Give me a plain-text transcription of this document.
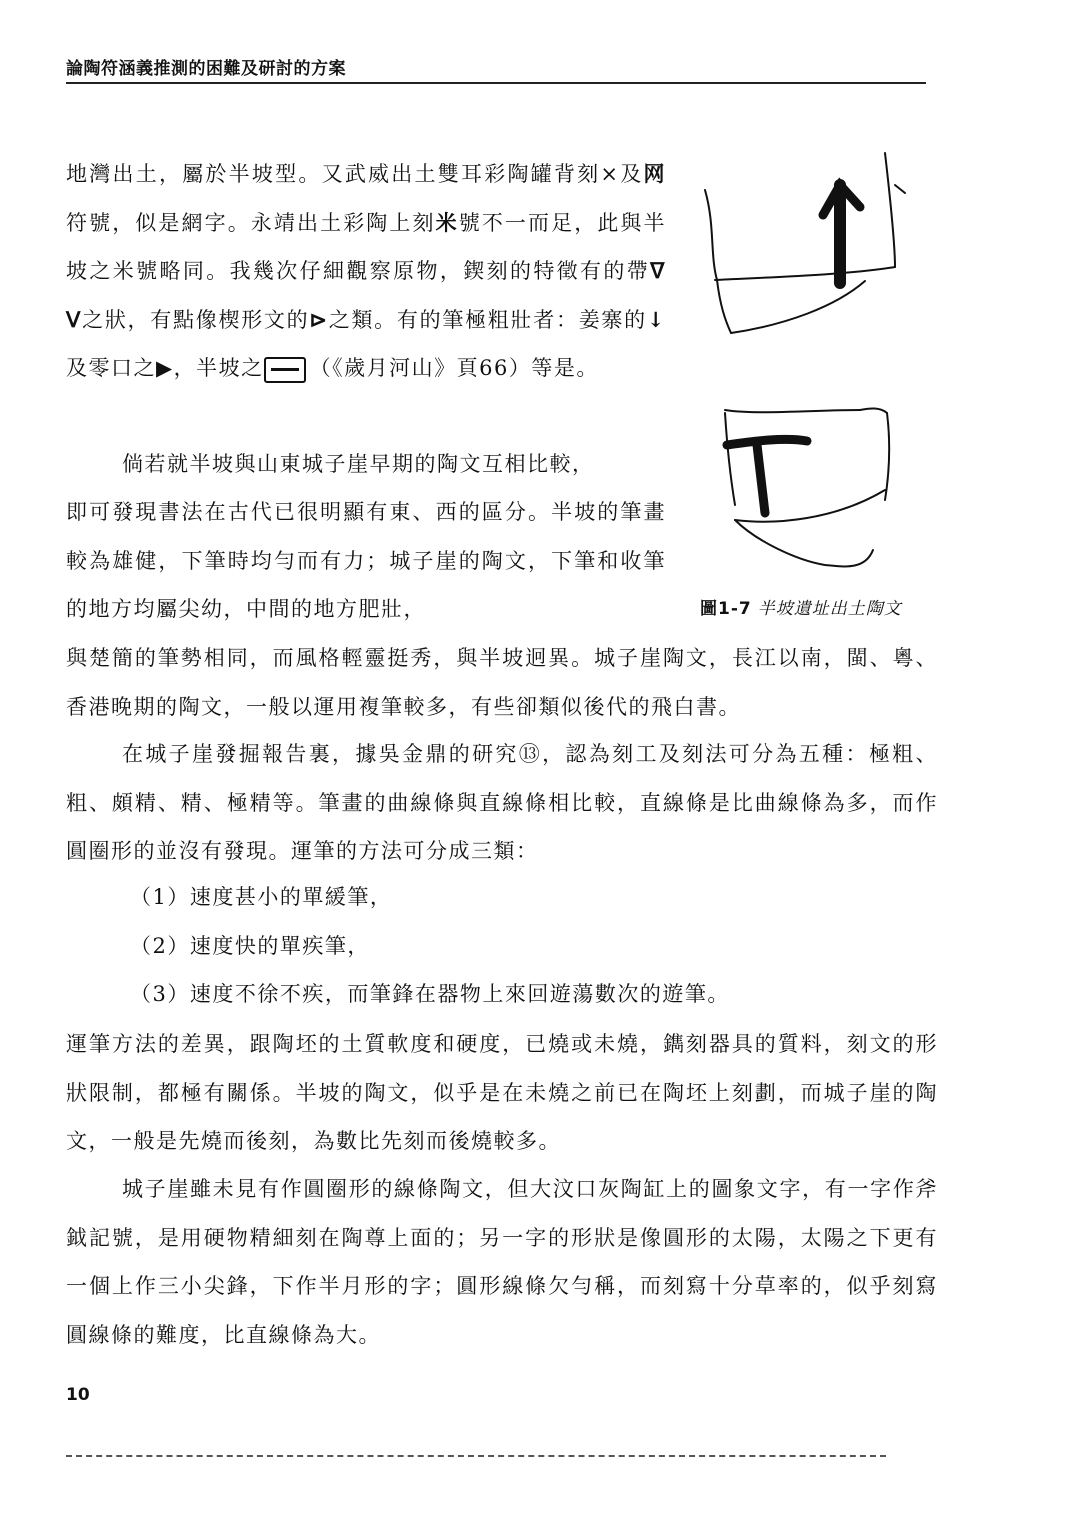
論陶符涵義推測的困難及研討的方案

地灣出土，屬於半坡型。又武威出土雙耳彩陶罐背刻×及网符號，似是網字。永靖出土彩陶上刻米號不一而足，此與半坡之米號略同。我幾次仔細觀察原物，鍥刻的特徵有的帶ᐁ ᐯ之狀，有點像楔形文的⊳之類。有的筆極粗壯者：姜寨的↓及零口之▶，半坡之 （《歲月河山》頁66）等是。

倘若就半坡與山東城子崖早期的陶文互相比較，

即可發現書法在古代已很明顯有東、西的區分。半坡的筆畫較為雄健，下筆時均勻而有力；城子崖的陶文，下筆和收筆的地方均屬尖幼，中間的地方肥壯，	圖1-7 半坡遺址出土陶文

與楚簡的筆勢相同，而風格輕靈挺秀，與半坡迥異。城子崖陶文，長江以南，閩、粵、香港晚期的陶文，一般以運用複筆較多，有些卻類似後代的飛白書。

在城子崖發掘報告裏，據吳金鼎的研究⑬，認為刻工及刻法可分為五種：極粗、粗、頗精、精、極精等。筆畫的曲線條與直線條相比較，直線條是比曲線條為多，而作圓圈形的並沒有發現。運筆的方法可分成三類：

（1）速度甚小的單緩筆，
（2）速度快的單疾筆，
（3）速度不徐不疾，而筆鋒在器物上來回遊蕩數次的遊筆。

運筆方法的差異，跟陶坯的土質軟度和硬度，已燒或未燒，鐫刻器具的質料，刻文的形狀限制，都極有關係。半坡的陶文，似乎是在未燒之前已在陶坯上刻劃，而城子崖的陶文，一般是先燒而後刻，為數比先刻而後燒較多。

城子崖雖未見有作圓圈形的線條陶文，但大汶口灰陶缸上的圖象文字，有一字作斧鉞記號，是用硬物精細刻在陶尊上面的；另一字的形狀是像圓形的太陽，太陽之下更有一個上作三小尖鋒，下作半月形的字；圓形線條欠勻稱，而刻寫十分草率的，似乎刻寫圓線條的難度，比直線條為大。

10
